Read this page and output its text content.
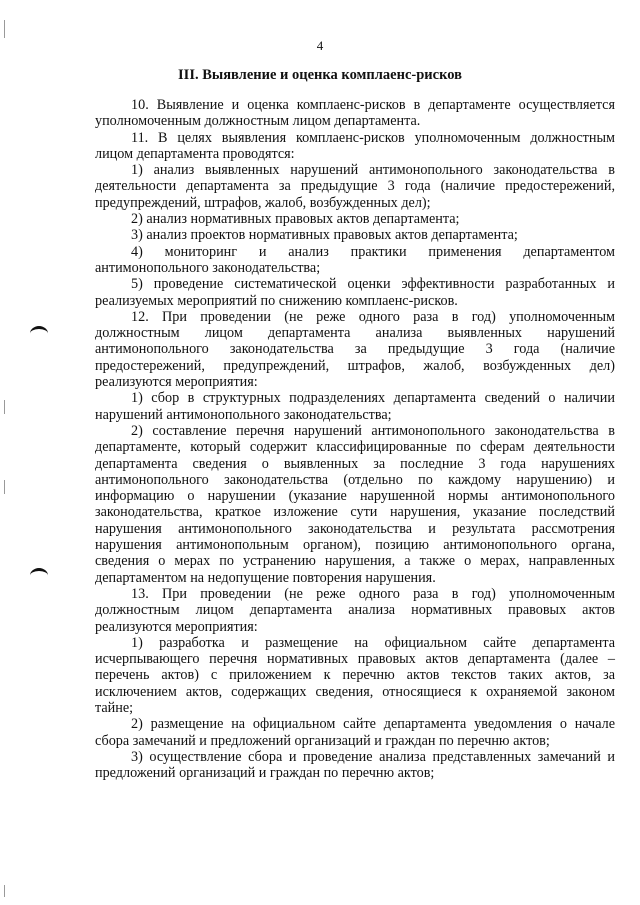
4
III. Выявление и оценка комплаенс-рисков

10. Выявление и оценка комплаенс-рисков в департаменте осуществляется уполномоченным должностным лицом департамента.

11. В целях выявления комплаенс-рисков уполномоченным должностным лицом департамента проводятся:

1) анализ выявленных нарушений антимонопольного законодательства в деятельности департамента за предыдущие 3 года (наличие предостережений, предупреждений, штрафов, жалоб, возбужденных дел);

2) анализ нормативных правовых актов департамента;

3) анализ проектов нормативных правовых актов департамента;

4) мониторинг и анализ практики применения департаментом антимонопольного законодательства;

5) проведение систематической оценки эффективности разработанных и реализуемых мероприятий по снижению комплаенс-рисков.

12. При проведении (не реже одного раза в год) уполномоченным должностным лицом департамента анализа выявленных нарушений антимонопольного законодательства за предыдущие 3 года (наличие предостережений, предупреждений, штрафов, жалоб, возбужденных дел) реализуются мероприятия:

1) сбор в структурных подразделениях департамента сведений о наличии нарушений антимонопольного законодательства;

2) составление перечня нарушений антимонопольного законодательства в департаменте, который содержит классифицированные по сферам деятельности департамента сведения о выявленных за последние 3 года нарушениях антимонопольного законодательства (отдельно по каждому нарушению) и информацию о нарушении (указание нарушенной нормы антимонопольного законодательства, краткое изложение сути нарушения, указание последствий нарушения антимонопольного законодательства и результата рассмотрения нарушения антимонопольным органом), позицию антимонопольного органа, сведения о мерах по устранению нарушения, а также о мерах, направленных департаментом на недопущение повторения нарушения.

13. При проведении (не реже одного раза в год) уполномоченным должностным лицом департамента анализа нормативных правовых актов реализуются мероприятия:

1) разработка и размещение на официальном сайте департамента исчерпывающего перечня нормативных правовых актов департамента (далее – перечень актов) с приложением к перечню актов текстов таких актов, за исключением актов, содержащих сведения, относящиеся к охраняемой законом тайне;

2) размещение на официальном сайте департамента уведомления о начале сбора замечаний и предложений организаций и граждан по перечню актов;

3) осуществление сбора и проведение анализа представленных замечаний и предложений организаций и граждан по перечню актов;
